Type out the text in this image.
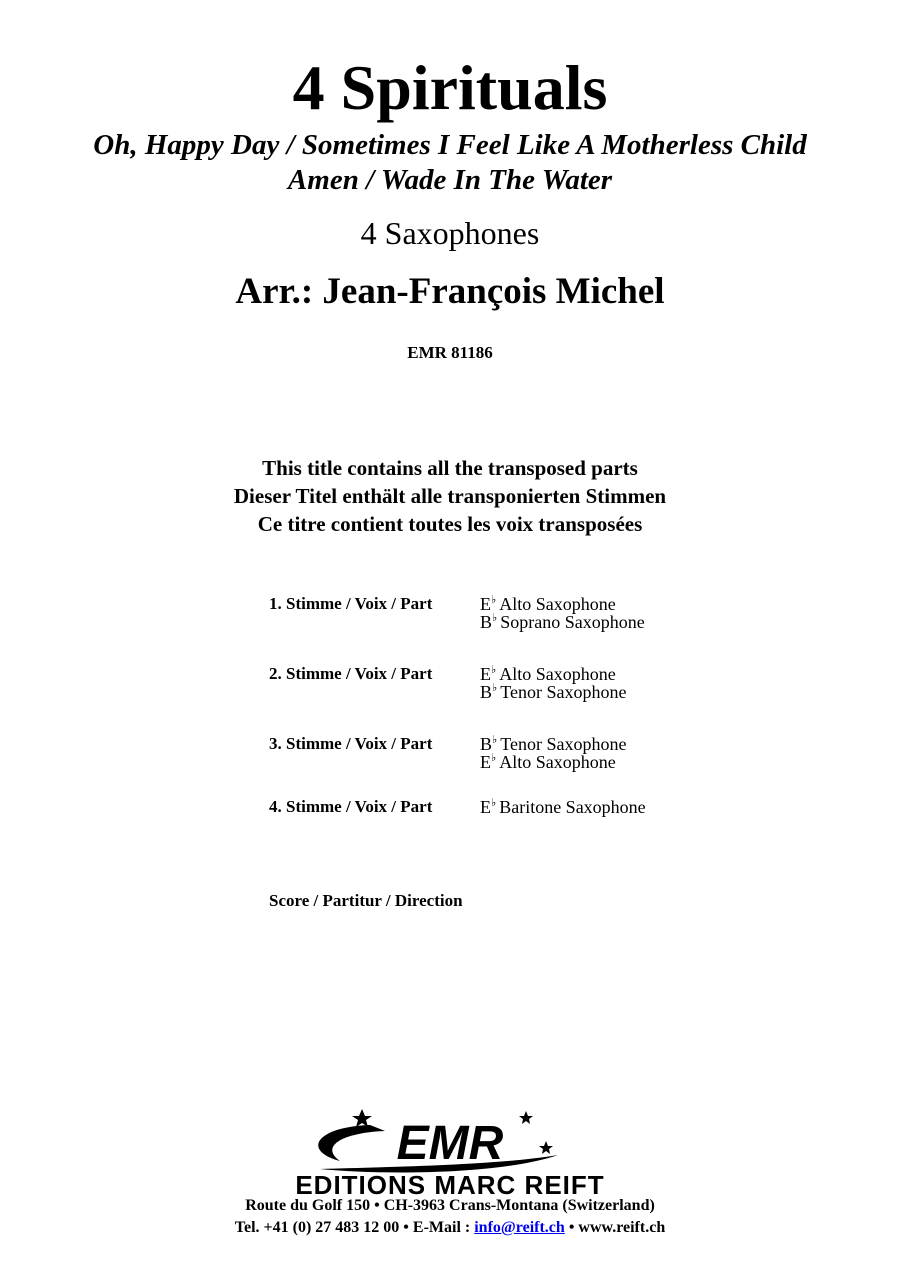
4 Spirituals
Oh, Happy Day / Sometimes I Feel Like A Motherless Child
Amen / Wade In The Water
4 Saxophones
Arr.: Jean-François Michel
EMR 81186
This title contains all the transposed parts
Dieser Titel enthält alle transponierten Stimmen
Ce titre contient toutes les voix transposées
1. Stimme / Voix / Part	E♭ Alto Saxophone
B♭ Soprano Saxophone
2. Stimme / Voix / Part	E♭ Alto Saxophone
B♭ Tenor Saxophone
3. Stimme / Voix / Part	B♭ Tenor Saxophone
E♭ Alto Saxophone
4. Stimme / Voix / Part	E♭ Baritone Saxophone
Score / Partitur / Direction
EMR
EDITIONS MARC REIFT
Route du Golf 150 • CH-3963 Crans-Montana (Switzerland)
Tel. +41 (0) 27 483 12 00 • E-Mail : info@reift.ch • www.reift.ch
